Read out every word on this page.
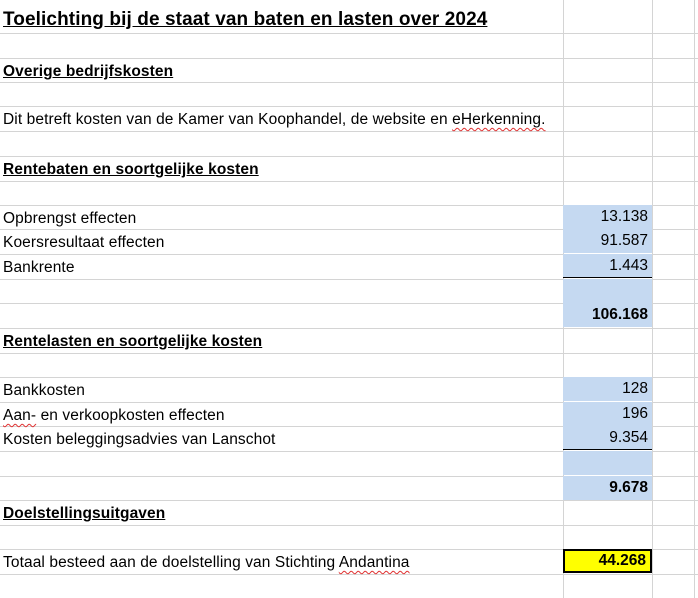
Toelichting bij de staat van baten en lasten over 2024
Overige bedrijfskosten
Dit betreft kosten van de Kamer van Koophandel, de website en eHerkenning.
Rentebaten en soortgelijke kosten
Opbrengst effecten	13.138
Koersresultaat effecten	91.587
Bankrente	1.443
106.168
Rentelasten en soortgelijke kosten
Bankkosten	128
Aan- en verkoopkosten effecten	196
Kosten beleggingsadvies van Lanschot	9.354
9.678
Doelstellingsuitgaven
Totaal besteed aan de doelstelling van Stichting Andantina	44.268
